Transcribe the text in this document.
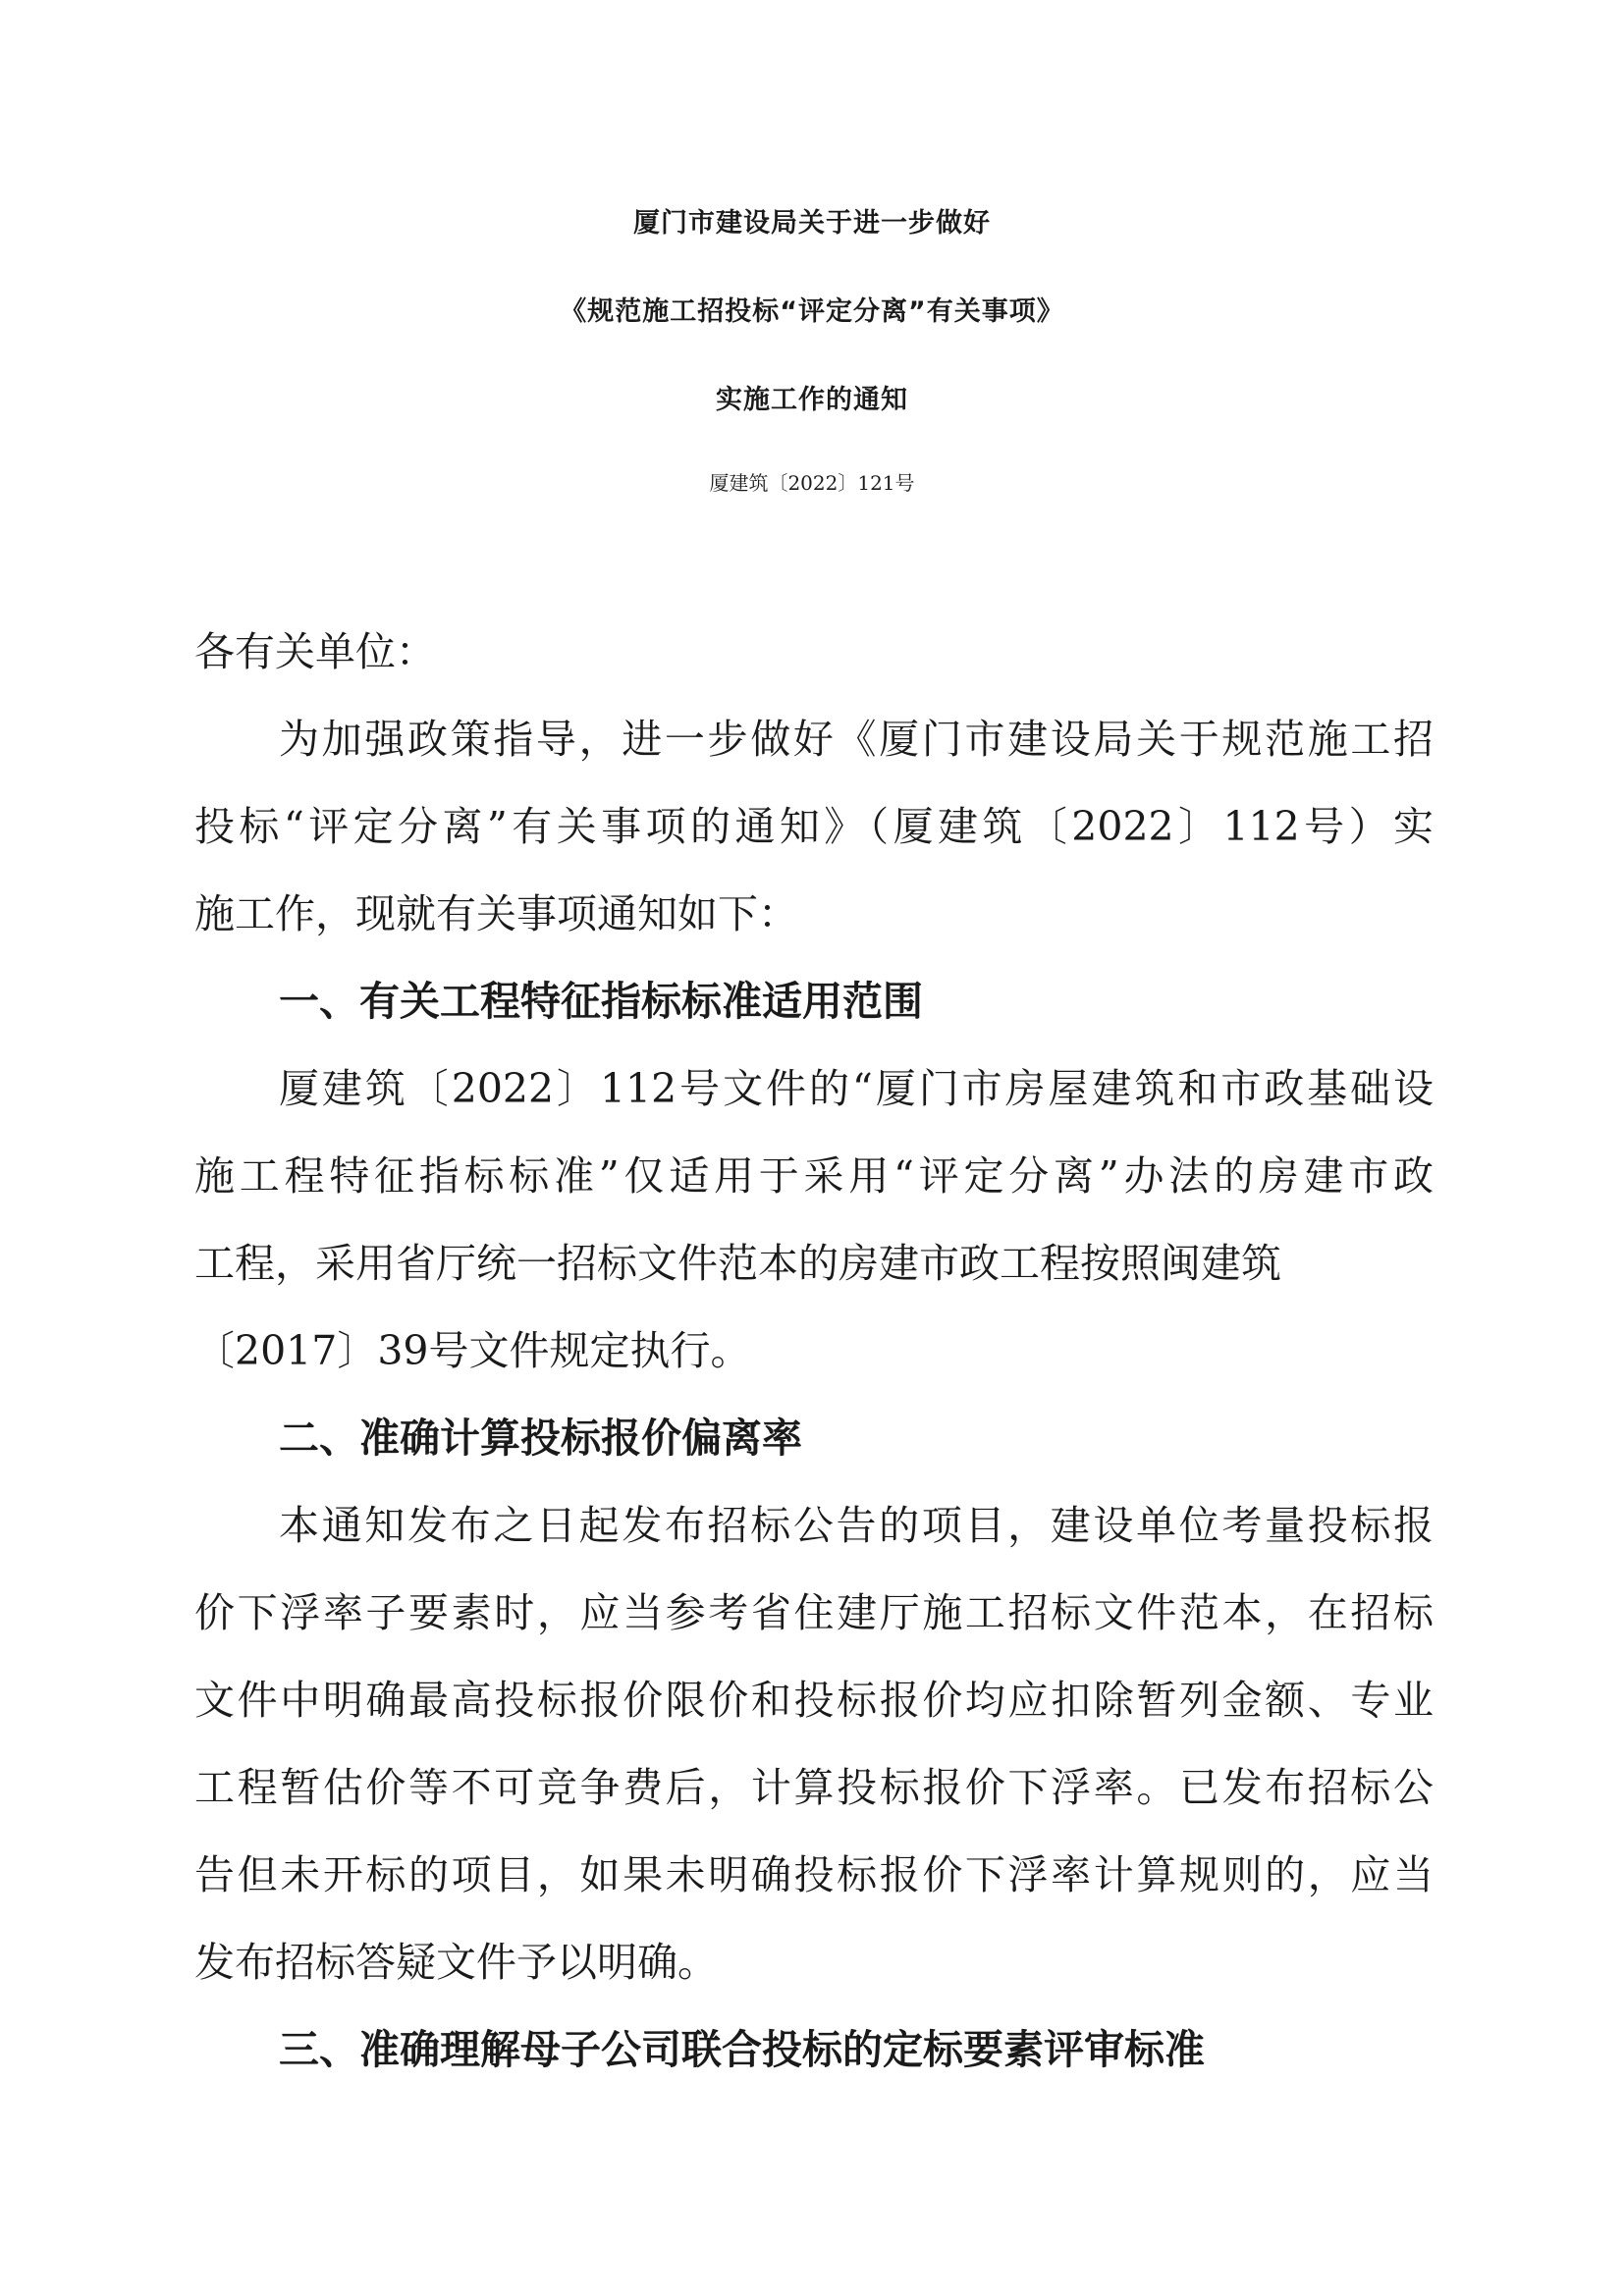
厦门市建设局关于进一步做好
《规范施工招投标“评定分离”有关事项》
实施工作的通知
厦建筑〔2022〕121号
各有关单位：
为加强政策指导，进一步做好《厦门市建设局关于规范施工招
投标“评定分离”有关事项的通知》（厦建筑〔2022〕112号）实
施工作，现就有关事项通知如下：
一、有关工程特征指标标准适用范围
厦建筑〔2022〕112号文件的“厦门市房屋建筑和市政基础设
施工程特征指标标准”仅适用于采用“评定分离”办法的房建市政
工程，采用省厅统一招标文件范本的房建市政工程按照闽建筑
〔2017〕39号文件规定执行。
二、准确计算投标报价偏离率
本通知发布之日起发布招标公告的项目，建设单位考量投标报
价下浮率子要素时，应当参考省住建厅施工招标文件范本，在招标
文件中明确最高投标报价限价和投标报价均应扣除暂列金额、专业
工程暂估价等不可竞争费后，计算投标报价下浮率。已发布招标公
告但未开标的项目，如果未明确投标报价下浮率计算规则的，应当
发布招标答疑文件予以明确。
三、准确理解母子公司联合投标的定标要素评审标准
